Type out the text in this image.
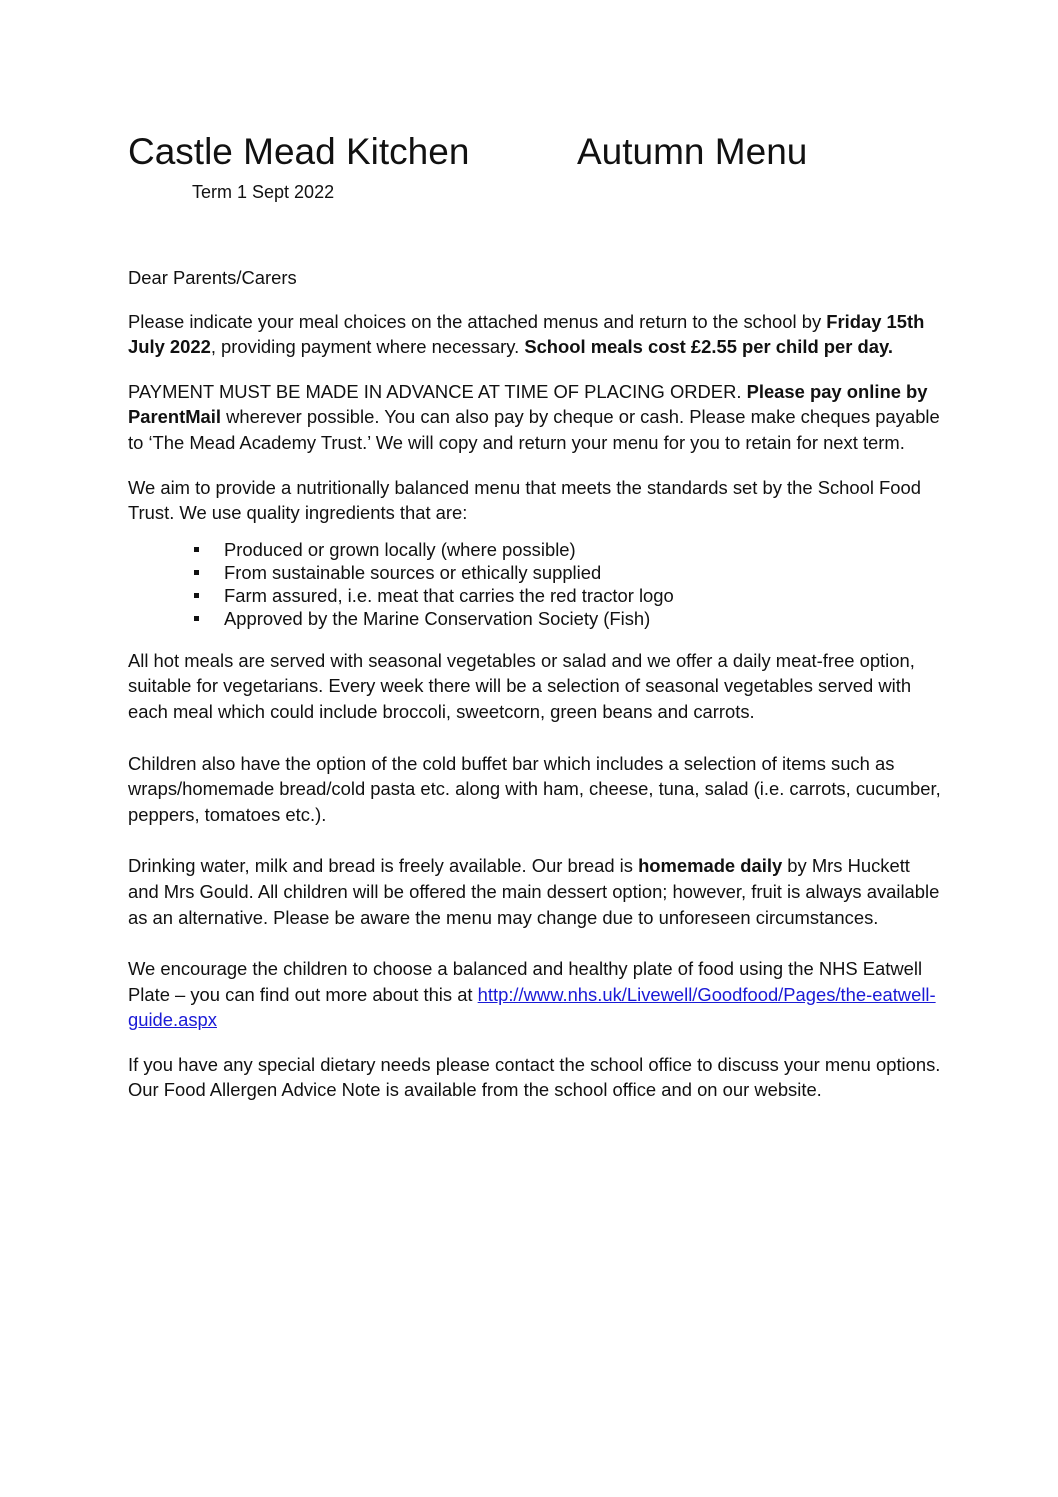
Castle Mead Kitchen	Autumn Menu
Term 1 Sept 2022

Dear Parents/Carers

Please indicate your meal choices on the attached menus and return to the school by Friday 15th July 2022, providing payment where necessary. School meals cost £2.55 per child per day.

PAYMENT MUST BE MADE IN ADVANCE AT TIME OF PLACING ORDER. Please pay online by ParentMail wherever possible. You can also pay by cheque or cash. Please make cheques payable to ‘The Mead Academy Trust.’ We will copy and return your menu for you to retain for next term.

We aim to provide a nutritionally balanced menu that meets the standards set by the School Food Trust. We use quality ingredients that are:

Produced or grown locally (where possible)
From sustainable sources or ethically supplied
Farm assured, i.e. meat that carries the red tractor logo
Approved by the Marine Conservation Society (Fish)

All hot meals are served with seasonal vegetables or salad and we offer a daily meat-free option, suitable for vegetarians. Every week there will be a selection of seasonal vegetables served with each meal which could include broccoli, sweetcorn, green beans and carrots.

Children also have the option of the cold buffet bar which includes a selection of items such as wraps/homemade bread/cold pasta etc. along with ham, cheese, tuna, salad (i.e. carrots, cucumber, peppers, tomatoes etc.).

Drinking water, milk and bread is freely available. Our bread is homemade daily by Mrs Huckett and Mrs Gould. All children will be offered the main dessert option; however, fruit is always available as an alternative. Please be aware the menu may change due to unforeseen circumstances.

We encourage the children to choose a balanced and healthy plate of food using the NHS Eatwell Plate – you can find out more about this at http://www.nhs.uk/Livewell/Goodfood/Pages/the-eatwell-guide.aspx

If you have any special dietary needs please contact the school office to discuss your menu options. Our Food Allergen Advice Note is available from the school office and on our website.
